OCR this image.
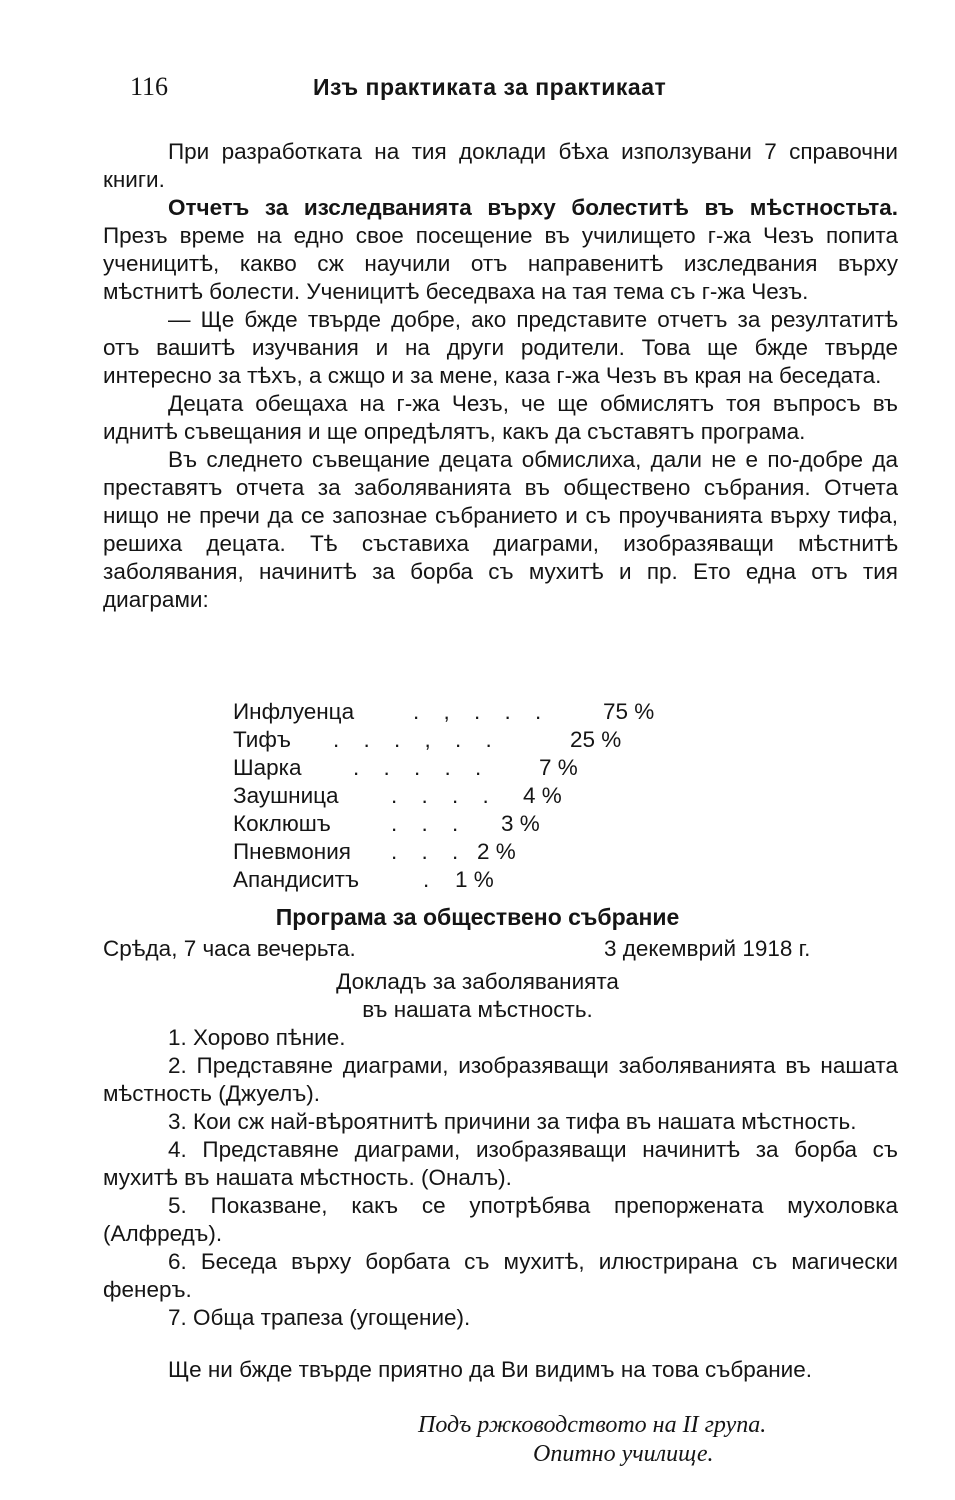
116	Изъ практиката за практикаат

При разработката на тия доклади бѣха използувани 7 справочни книги.

Отчетъ за изследванията върху болеститѣ въ мѣстностьта. Презъ време на едно свое посещение въ училището г-жа Чезъ попита ученицитѣ, какво сж научили отъ направенитѣ изследвания върху мѣстнитѣ болести. Ученицитѣ беседваха на тая тема съ г-жа Чезъ.

— Ще бжде твърде добре, ако представите отчетъ за резултатитѣ отъ вашитѣ изучвания и на други родители. Това ще бжде твърде интересно за тѣхъ, а сжщо и за мене, каза г-жа Чезъ въ края на беседата.

Децата обещаха на г-жа Чезъ, че ще обмислятъ тоя въпросъ въ иднитѣ съвещания и ще опредѣлятъ, какъ да съставятъ програма.

Въ следнето съвещание децата обмислиха, дали не е по-добре да преставятъ отчета за заболяванията въ обществено събрания. Отчета нищо не пречи да се запознае събранието и съ проучванията върху тифа, решиха децата. Тѣ съставиха диаграми, изобразяващи мѣстнитѣ заболявания, начинитѣ за борба съ мухитѣ и пр. Ето една отъ тия диаграми:

Инфлуенца	. , . . . 75 %
Тифъ . . . , . .	25 %
Шарка . . . . . 7 %
Заушница . . . . 4 %
Коклюшъ	. . . 3 %
Пневмония . . . 2 %
Апандиситъ	. 1 %
Програма за обществено събрание
Срѣда, 7 часа вечерьта.	3 декемврий 1918 г.
Докладъ за заболяванията
въ нашата мѣстность.

1. Хорово пѣние.

2. Представяне диаграми, изобразяващи заболяванията въ нашата мѣстность (Джуелъ).

3. Кои сж най-вѣроятнитѣ причини за тифа въ нашата мѣстность.

4. Представяне диаграми, изобразяващи начинитѣ за борба съ мухитѣ въ нашата мѣстность. (Оналъ).

5. Показване, какъ се употрѣбява препорженaта мухоловка (Алфредъ).

6. Беседа върху борбата съ мухитѣ, илюстрирана съ магически фенеръ.

7. Обща трапеза (угощение).

Ще ни бжде твърде приятно да Ви видимъ на това събрание.

Подъ ржководството на II група.
Опитно училище.
